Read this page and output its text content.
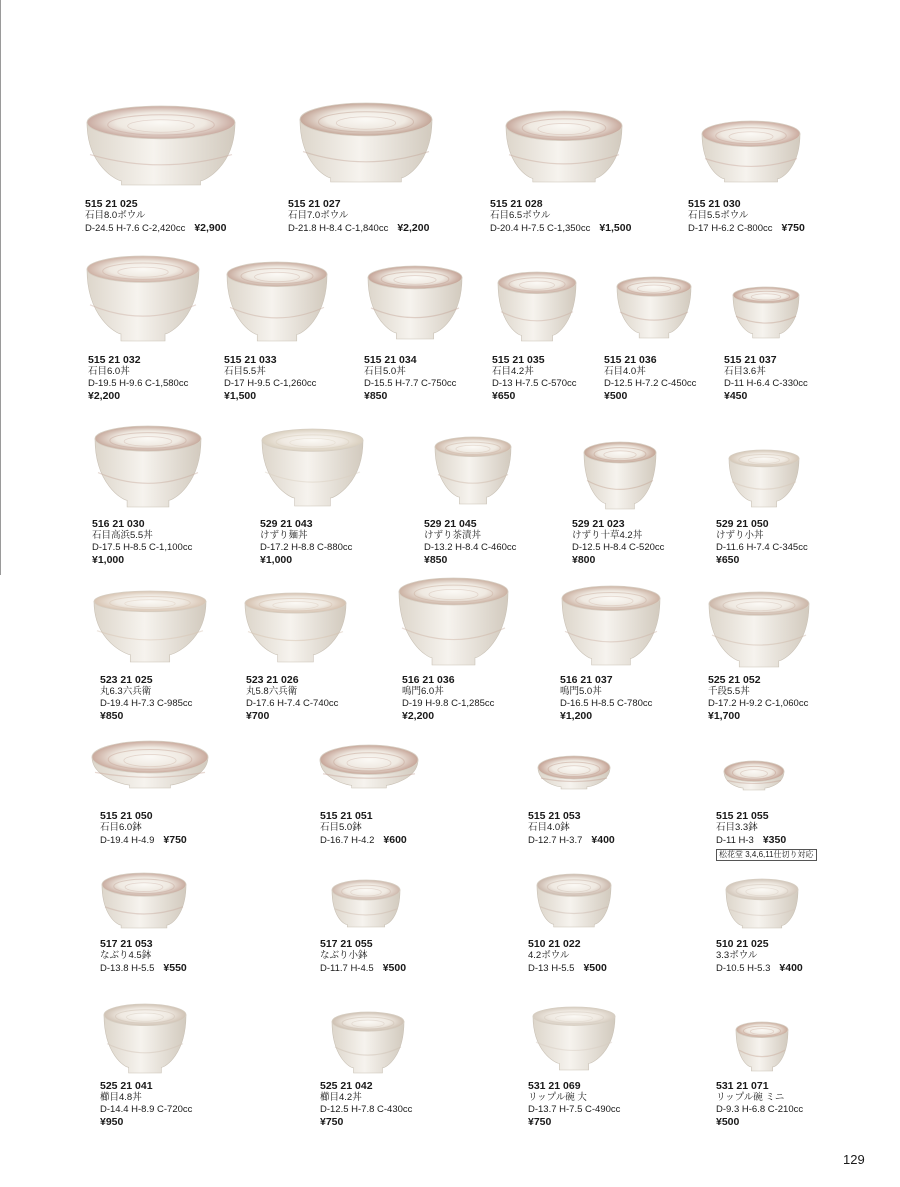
515 21 025
石目8.0ボウル
D-24.5 H-7.6 C-2,420cc ¥2,900
515 21 027
石目7.0ボウル
D-21.8 H-8.4 C-1,840cc ¥2,200
515 21 028
石目6.5ボウル
D-20.4 H-7.5 C-1,350cc ¥1,500
515 21 030
石目5.5ボウル
D-17 H-6.2 C-800cc ¥750
515 21 032
石目6.0丼
D-19.5 H-9.6 C-1,580cc
¥2,200
515 21 033
石目5.5丼
D-17 H-9.5 C-1,260cc
¥1,500
515 21 034
石目5.0丼
D-15.5 H-7.7 C-750cc
¥850
515 21 035
石目4.2丼
D-13 H-7.5 C-570cc
¥650
515 21 036
石目4.0丼
D-12.5 H-7.2 C-450cc
¥500
515 21 037
石目3.6丼
D-11 H-6.4 C-330cc
¥450
516 21 030
石目高浜5.5丼
D-17.5 H-8.5 C-1,100cc
¥1,000
529 21 043
けずり麺丼
D-17.2 H-8.8 C-880cc
¥1,000
529 21 045
けずり茶漬丼
D-13.2 H-8.4 C-460cc
¥850
529 21 023
けずり十草4.2丼
D-12.5 H-8.4 C-520cc
¥800
529 21 050
けずり小丼
D-11.6 H-7.4 C-345cc
¥650
523 21 025
丸6.3六兵衛
D-19.4 H-7.3 C-985cc
¥850
523 21 026
丸5.8六兵衛
D-17.6 H-7.4 C-740cc
¥700
516 21 036
鳴門6.0丼
D-19 H-9.8 C-1,285cc
¥2,200
516 21 037
鳴門5.0丼
D-16.5 H-8.5 C-780cc
¥1,200
525 21 052
千段5.5丼
D-17.2 H-9.2 C-1,060cc
¥1,700
515 21 050
石目6.0鉢
D-19.4 H-4.9 ¥750
515 21 051
石目5.0鉢
D-16.7 H-4.2 ¥600
515 21 053
石目4.0鉢
D-12.7 H-3.7 ¥400
515 21 055
石目3.3鉢
D-11 H-3 ¥350
松花堂 3,4,6,11仕切り対応
517 21 053
なぶり4.5鉢
D-13.8 H-5.5 ¥550
517 21 055
なぶり小鉢
D-11.7 H-4.5 ¥500
510 21 022
4.2ボウル
D-13 H-5.5 ¥500
510 21 025
3.3ボウル
D-10.5 H-5.3 ¥400
525 21 041
櫛目4.8丼
D-14.4 H-8.9 C-720cc
¥950
525 21 042
櫛目4.2丼
D-12.5 H-7.8 C-430cc
¥750
531 21 069
リップル碗 大
D-13.7 H-7.5 C-490cc
¥750
531 21 071
リップル碗 ミニ
D-9.3 H-6.8 C-210cc
¥500
129
